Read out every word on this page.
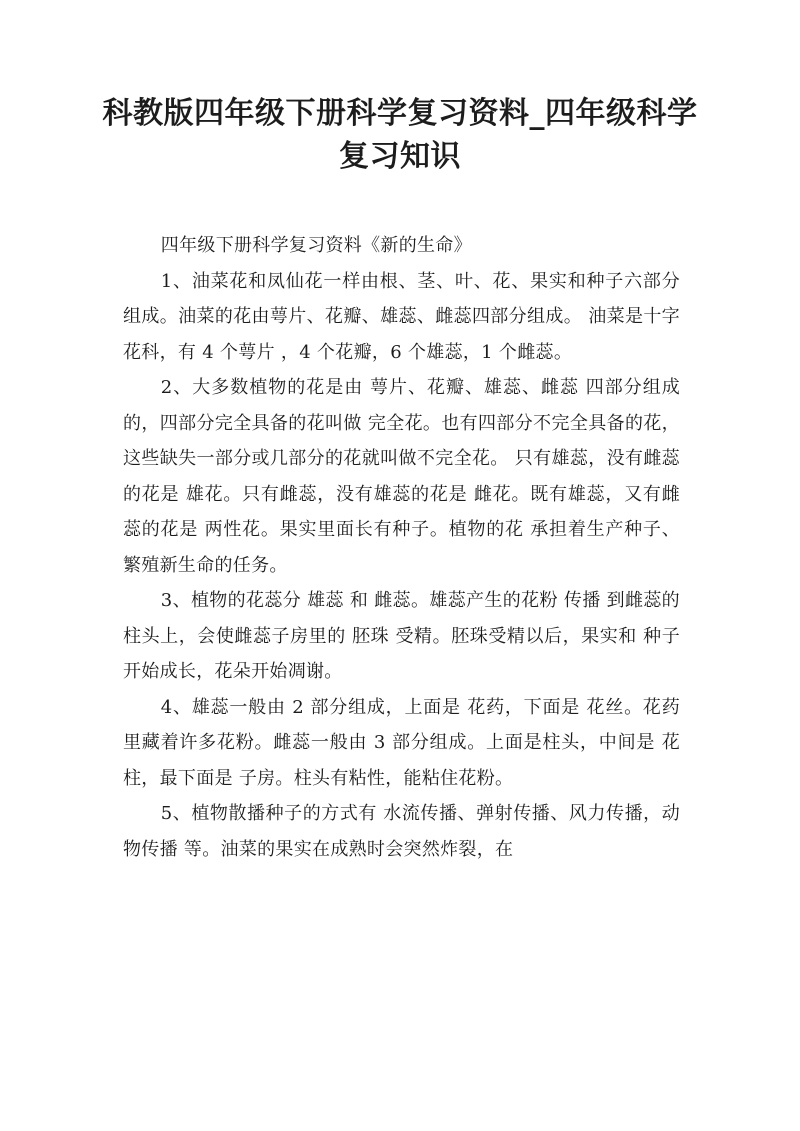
科教版四年级下册科学复习资料_四年级科学复习知识

四年级下册科学复习资料《新的生命》

1、油菜花和凤仙花一样由根、茎、叶、花、果实和种子六部分组成。油菜的花由萼片、花瓣、雄蕊、雌蕊四部分组成。 油菜是十字花科，有 4 个萼片 ，4 个花瓣，6 个雄蕊，1 个雌蕊。

2、大多数植物的花是由 萼片、花瓣、雄蕊、雌蕊 四部分组成的，四部分完全具备的花叫做 完全花。也有四部分不完全具备的花，这些缺失一部分或几部分的花就叫做不完全花。 只有雄蕊，没有雌蕊的花是 雄花。只有雌蕊，没有雄蕊的花是 雌花。既有雄蕊，又有雌蕊的花是 两性花。果实里面长有种子。植物的花 承担着生产种子、繁殖新生命的任务。

3、植物的花蕊分 雄蕊 和 雌蕊。雄蕊产生的花粉 传播 到雌蕊的柱头上，会使雌蕊子房里的 胚珠 受精。胚珠受精以后，果实和 种子开始成长，花朵开始凋谢。

4、雄蕊一般由 2 部分组成，上面是 花药，下面是 花丝。花药里藏着许多花粉。雌蕊一般由 3 部分组成。上面是柱头，中间是 花柱，最下面是 子房。柱头有粘性，能粘住花粉。

5、植物散播种子的方式有 水流传播、弹射传播、风力传播，动物传播 等。油菜的果实在成熟时会突然炸裂，在
